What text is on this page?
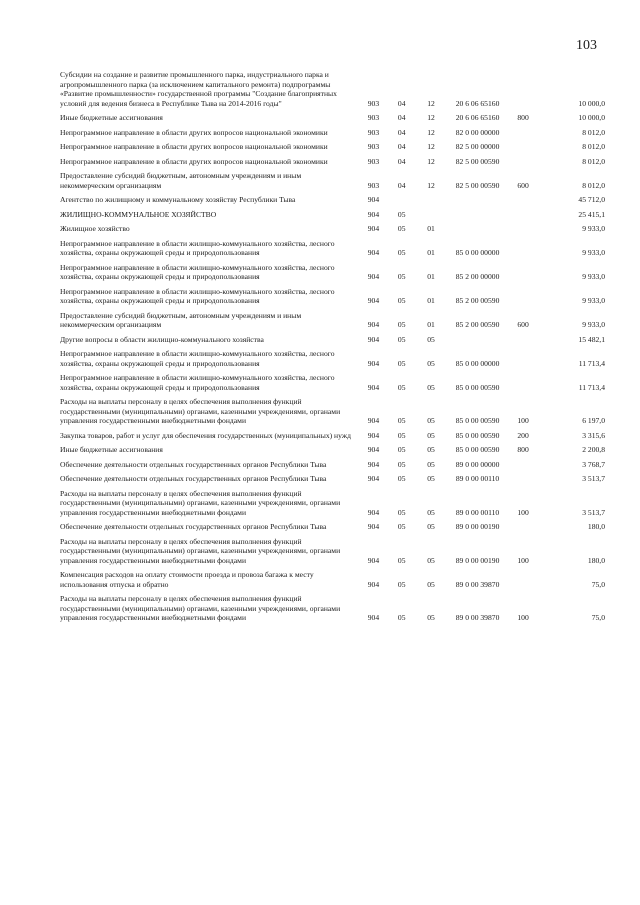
103
Субсидии на создание и развитие промышленного парка, индустриального парка и агропромышленного парка (за исключением капитального ремонта) подпрограммы «Развитие промышленности» государственной программы "Создание благоприятных условий для ведения бизнеса в Республике Тыва на 2014-2016 годы"	903	04	12	20 6 06 65160		10 000,0
Иные бюджетные ассигнования	903	04	12	20 6 06 65160	800	10 000,0
Непрограммное направление в области других вопросов национальной экономики	903	04	12	82 0 00 00000		8 012,0
Непрограммное направление в области других вопросов национальной экономики	903	04	12	82 5 00 00000		8 012,0
Непрограммное направление в области других вопросов национальной экономики	903	04	12	82 5 00 00590		8 012,0
Предоставление субсидий бюджетным, автономным учреждениям и иным некоммерческим организациям	903	04	12	82 5 00 00590	600	8 012,0
Агентство по жилищному и коммунальному хозяйству Республики Тыва	904					45 712,0
ЖИЛИЩНО-КОММУНАЛЬНОЕ ХОЗЯЙСТВО	904	05				25 415,1
Жилищное хозяйство	904	05	01			9 933,0
Непрограммное направление в области жилищно-коммунального хозяйства, лесного хозяйства, охраны окружающей среды и природопользования	904	05	01	85 0 00 00000		9 933,0
Непрограммное направление в области жилищно-коммунального хозяйства, лесного хозяйства, охраны окружающей среды и природопользования	904	05	01	85 2 00 00000		9 933,0
Непрограммное направление в области жилищно-коммунального хозяйства, лесного хозяйства, охраны окружающей среды и природопользования	904	05	01	85 2 00 00590		9 933,0
Предоставление субсидий бюджетным, автономным учреждениям и иным некоммерческим организациям	904	05	01	85 2 00 00590	600	9 933,0
Другие вопросы в области жилищно-коммунального хозяйства	904	05	05			15 482,1
Непрограммное направление в области жилищно-коммунального хозяйства, лесного хозяйства, охраны окружающей среды и природопользования	904	05	05	85 0 00 00000		11 713,4
Непрограммное направление в области жилищно-коммунального хозяйства, лесного хозяйства, охраны окружающей среды и природопользования	904	05	05	85 0 00 00590		11 713,4
Расходы на выплаты персоналу в целях обеспечения выполнения функций государственными (муниципальными) органами, казенными учреждениями, органами управления государственными внебюджетными фондами	904	05	05	85 0 00 00590	100	6 197,0
Закупка товаров, работ и услуг для обеспечения государственных (муниципальных) нужд	904	05	05	85 0 00 00590	200	3 315,6
Иные бюджетные ассигнования	904	05	05	85 0 00 00590	800	2 200,8
Обеспечение деятельности отдельных государственных органов Республики Тыва	904	05	05	89 0 00 00000		3 768,7
Обеспечение деятельности отдельных государственных органов Республики Тыва	904	05	05	89 0 00 00110		3 513,7
Расходы на выплаты персоналу в целях обеспечения выполнения функций государственными (муниципальными) органами, казенными учреждениями, органами управления государственными внебюджетными фондами	904	05	05	89 0 00 00110	100	3 513,7
Обеспечение деятельности отдельных государственных органов Республики Тыва	904	05	05	89 0 00 00190		180,0
Расходы на выплаты персоналу в целях обеспечения выполнения функций государственными (муниципальными) органами, казенными учреждениями, органами управления государственными внебюджетными фондами	904	05	05	89 0 00 00190	100	180,0
Компенсация расходов на оплату стоимости проезда и провоза багажа к месту использования отпуска и обратно	904	05	05	89 0 00 39870		75,0
Расходы на выплаты персоналу в целях обеспечения выполнения функций государственными (муниципальными) органами, казенными учреждениями, органами управления государственными внебюджетными фондами	904	05	05	89 0 00 39870	100	75,0
